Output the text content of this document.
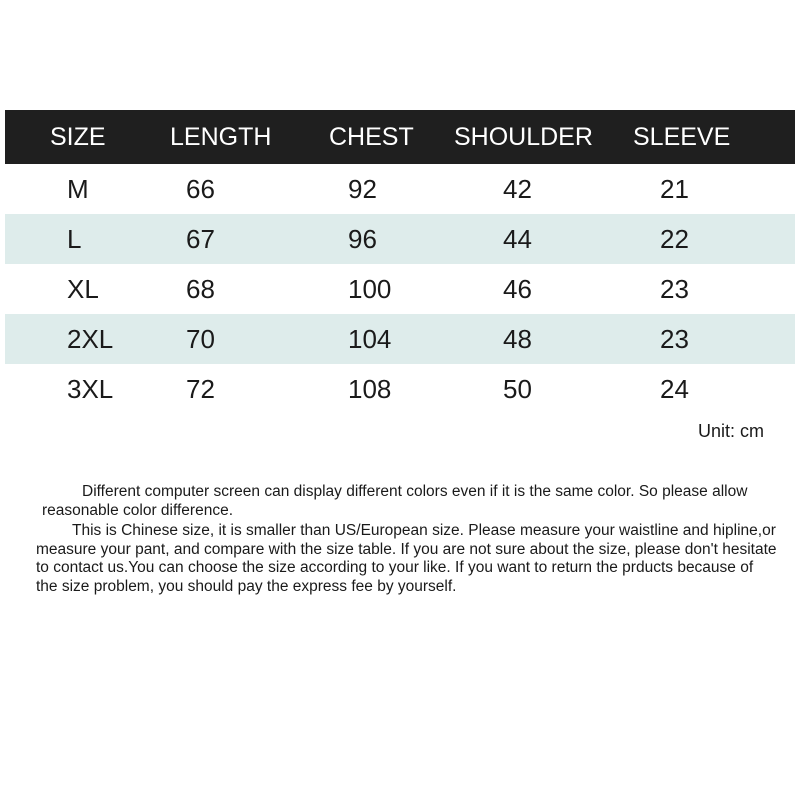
SIZE	LENGTH CHEST SHOULDER SLEEVE
M	66	92	42	21
L	67	96	44	22
XL	68	100	46	23
2XL	70	104	48	23
3XL	72	108	50	24
Unit: cm

Different computer screen can display different colors even if it is the same color. So please allow reasonable color difference.

This is Chinese size, it is smaller than US/European size. Please measure your waistline and hipline,or measure your pant, and compare with the size table. If you are not sure about the size, please don't hesitate to contact us.You can choose the size according to your like. If you want to return the prducts because of the size problem, you should pay the express fee by yourself.
